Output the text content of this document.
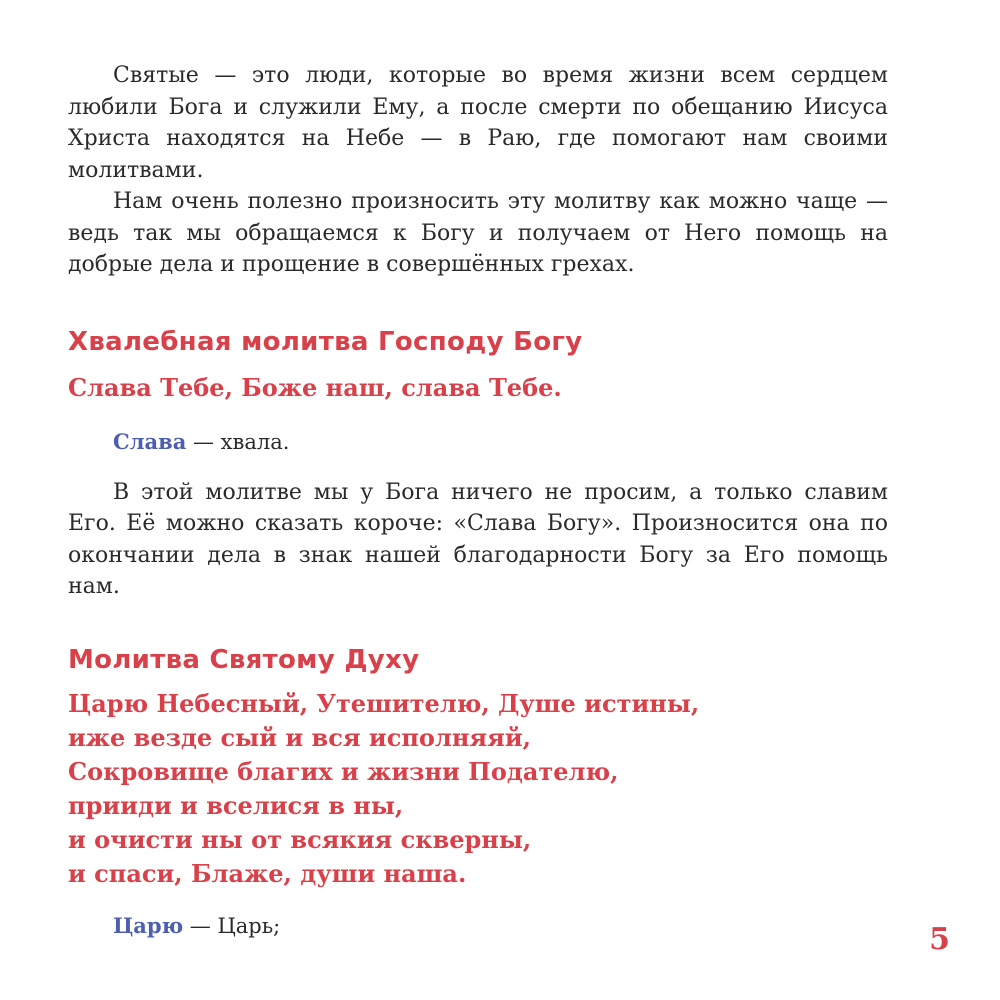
Святые — это люди, которые во время жизни всем сердцем любили Бога и служили Ему, а после смерти по обещанию Иисуса Христа находятся на Небе — в Раю, где помогают нам своими молитвами.

Нам очень полезно произносить эту молитву как можно чаще — ведь так мы обращаемся к Богу и получаем от Него помощь на добрые дела и прощение в совершённых грехах.

Хвалебная молитва Господу Богу

Слава Тебе, Боже наш, слава Тебе.

Слава — хвала.

В этой молитве мы у Бога ничего не просим, а только славим Его. Её можно сказать короче: «Слава Богу». Произносится она по окончании дела в знак нашей благодарности Богу за Его помощь нам.

Молитва Святому Духу

Царю Небесный, Утешителю, Душе истины,

иже везде сый и вся исполняяй,

Сокровище благих и жизни Подателю,

прииди и вселися в ны,

и очисти ны от всякия скверны,

и спаси, Блаже, души наша.

Царю — Царь;	5
